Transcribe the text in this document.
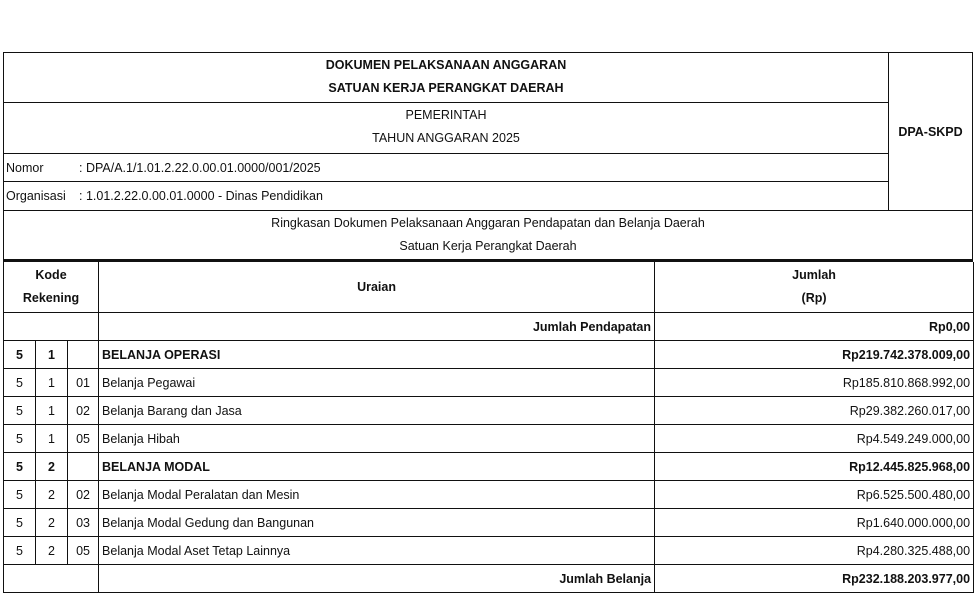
DOKUMEN PELAKSANAAN ANGGARAN
SATUAN KERJA PERANGKAT DAERAH
PEMERINTAH
TAHUN ANGGARAN 2025
Nomor	: DPA/A.1/1.01.2.22.0.00.01.0000/001/2025
Organisasi	: 1.01.2.22.0.00.01.0000 - Dinas Pendidikan
DPA-SKPD
Ringkasan Dokumen Pelaksanaan Anggaran Pendapatan dan Belanja Daerah
Satuan Kerja Perangkat Daerah
Kode
Rekening
	Uraian	
Jumlah
(Rp)

			Jumlah Pendapatan	Rp0,00
5	1		BELANJA OPERASI	Rp219.742.378.009,00
5	1	01	Belanja Pegawai	Rp185.810.868.992,00
5	1	02	Belanja Barang dan Jasa	Rp29.382.260.017,00
5	1	05	Belanja Hibah	Rp4.549.249.000,00
5	2		BELANJA MODAL	Rp12.445.825.968,00
5	2	02	Belanja Modal Peralatan dan Mesin	Rp6.525.500.480,00
5	2	03	Belanja Modal Gedung dan Bangunan	Rp1.640.000.000,00
5	2	05	Belanja Modal Aset Tetap Lainnya	Rp4.280.325.488,00
			Jumlah Belanja	Rp232.188.203.977,00
